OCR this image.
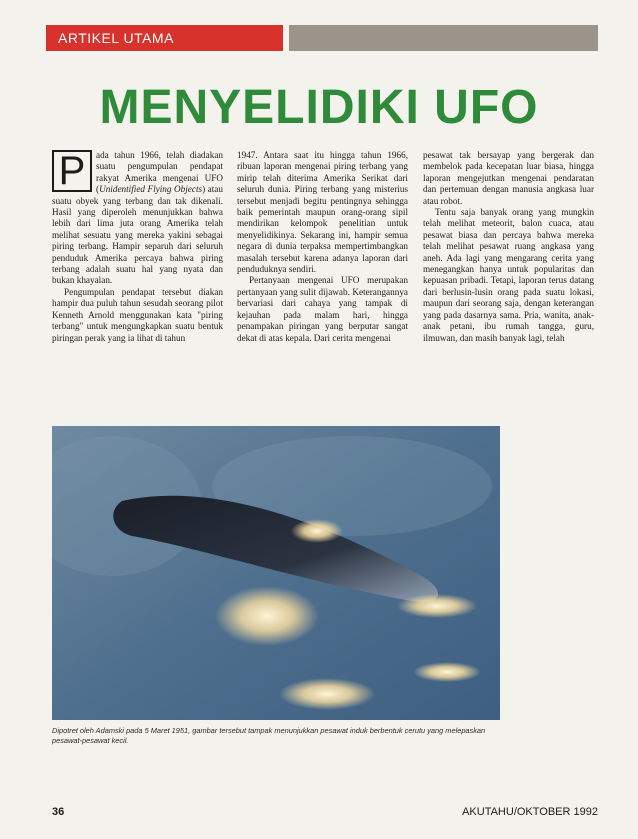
ARTIKEL UTAMA
MENYELIDIKI UFO

P	ada tahun 1966, telah diadakan suatu pengumpulan pendapat rakyat Amerika mengenai UFO (Unidentified Flying Objects) atau suatu obyek yang terbang dan tak dikenali. Hasil yang diperoleh menunjukkan bahwa lebih dari lima juta orang Amerika telah melihat sesuatu yang mereka yakini sebagai piring terbang. Hampir separuh dari seluruh penduduk Amerika percaya bahwa piring terbang adalah suatu hal yang nyata dan bukan khayalan.

Pengumpulan pendapat tersebut diakan hampir dua puluh tahun sesudah seorang pilot Kenneth Arnold menggunakan kata "piring terbang" untuk mengungkapkan suatu bentuk piringan perak yang ia lihat di tahun

1947. Antara saat itu hingga tahun 1966, ribuan laporan mengenai piring terbang yang mirip telah diterima Amerika Serikat dari seluruh dunia. Piring terbang yang misterius tersebut menjadi begitu pentingnya sehingga baik pemerintah maupun orang-orang sipil mendirikan kelompok penelitian untuk menyelidikinya. Sekarang ini, hampir semua negara di dunia terpaksa mempertimbangkan masalah tersebut karena adanya laporan dari penduduknya sendiri.

Pertanyaan mengenai UFO merupakan pertanyaan yang sulit dijawab. Keterangannya bervariasi dari cahaya yang tampak di kejauhan pada malam hari, hingga penampakan piringan yang berputar sangat dekat di atas kepala. Dari cerita mengenai

pesawat tak bersayap yang bergerak dan membelok pada kecepatan luar biasa, hingga laporan mengejutkan mengenai pendaratan dan pertemuan dengan manusia angkasa luar atau robot.

Tentu saja banyak orang yang mungkin telah melihat meteorit, balon cuaca, atau pesawat biasa dan percaya bahwa mereka telah melihat pesawat ruang angkasa yang aneh. Ada lagi yang mengarang cerita yang menegangkan hanya untuk popularitas dan kepuasan pribadi. Tetapi, laporan terus datang dari berlusin-lusin orang pada suatu lokasi, maupun dari seorang saja, dengan keterangan yang pada dasarnya sama. Pria, wanita, anak-anak petani, ibu rumah tangga, guru, ilmuwan, dan masih banyak lagi, telah

Dipotret oleh Adamski pada 5 Maret 1951, gambar tersebut tampak menunjukkan pesawat induk berbentuk cerutu yang melepaskan pesawat-pesawat kecil.

36	AKUTAHU/OKTOBER 1992
